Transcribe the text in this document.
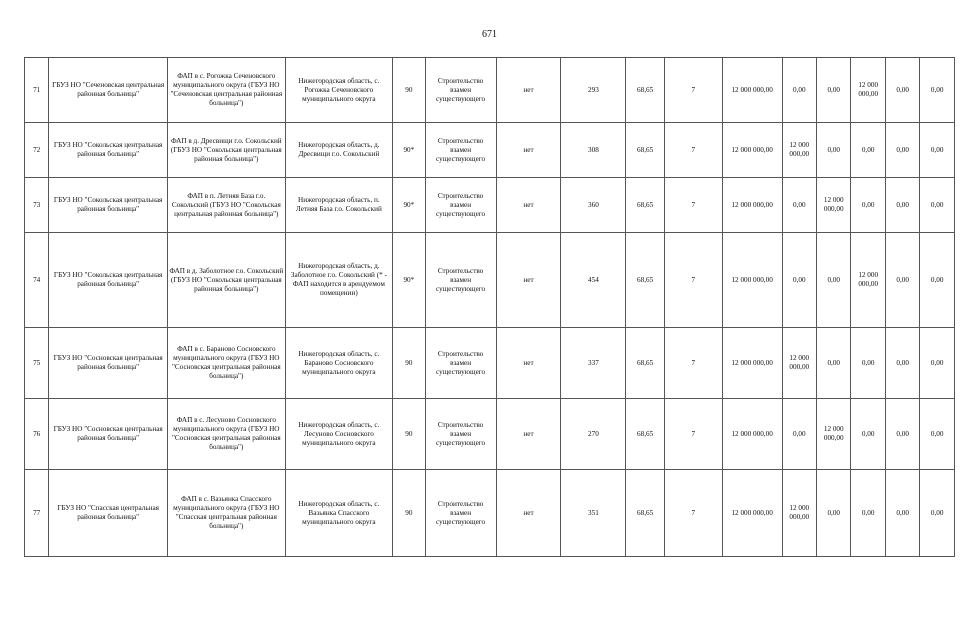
671
71	ГБУЗ НО "Сеченовская центральная районная больница"	ФАП в с. Рогожка Сеченовского муниципального округа (ГБУЗ НО "Сеченовская центральная районная больница")	Нижегородская область, с. Рогожка Сеченовского муниципального округа	90	Строительство взамен существующего	нет	293	68,65	7	12 000 000,00	0,00	0,00	12 000 000,00	0,00	0,00
72	ГБУЗ НО "Сокольская центральная районная больница"	ФАП в д. Дресвищи г.о. Сокольский (ГБУЗ НО "Сокольская центральная районная больница")	Нижегородская область, д. Дресвищи г.о. Сокольский	90*	Строительство взамен существующего	нет	308	68,65	7	12 000 000,00	12 000 000,00	0,00	0,00	0,00	0,00
73	ГБУЗ НО "Сокольская центральная районная больница"	ФАП в п. Летняя База г.о. Сокольский (ГБУЗ НО "Сокольская центральная районная больница")	Нижегородская область, п. Летняя База г.о. Сокольский	90*	Строительство взамен существующего	нет	360	68,65	7	12 000 000,00	0,00	12 000 000,00	0,00	0,00	0,00
74	ГБУЗ НО "Сокольская центральная районная больница"	ФАП в д. Заболотное г.о. Сокольский (ГБУЗ НО "Сокольская центральная районная больница")	Нижегородская область, д. Заболотное г.о. Сокольский (* - ФАП находится в арендуемом помещении)	90*	Строительство взамен существующего	нет	454	68,65	7	12 000 000,00	0,00	0,00	12 000 000,00	0,00	0,00
75	ГБУЗ НО "Сосновская центральная районная больница"	ФАП в с. Бараново Сосновского муниципального округа (ГБУЗ НО "Сосновская центральная районная больница")	Нижегородская область, с. Бараново Сосновского муниципального округа	90	Строительство взамен существующего	нет	337	68,65	7	12 000 000,00	12 000 000,00	0,00	0,00	0,00	0,00
76	ГБУЗ НО "Сосновская центральная районная больница"	ФАП в с. Лесуново Сосновского муниципального округа (ГБУЗ НО "Сосновская центральная районная больница")	Нижегородская область, с. Лесуново Сосновского муниципального округа	90	Строительство взамен существующего	нет	270	68,65	7	12 000 000,00	0,00	12 000 000,00	0,00	0,00	0,00
77	ГБУЗ НО "Спасская центральная районная больница"	ФАП в с. Вазьянка Спасского муниципального округа (ГБУЗ НО "Спасская центральная районная больница")	Нижегородская область, с. Вазьянка Спасского муниципального округа	90	Строительство взамен существующего	нет	351	68,65	7	12 000 000,00	12 000 000,00	0,00	0,00	0,00	0,00
